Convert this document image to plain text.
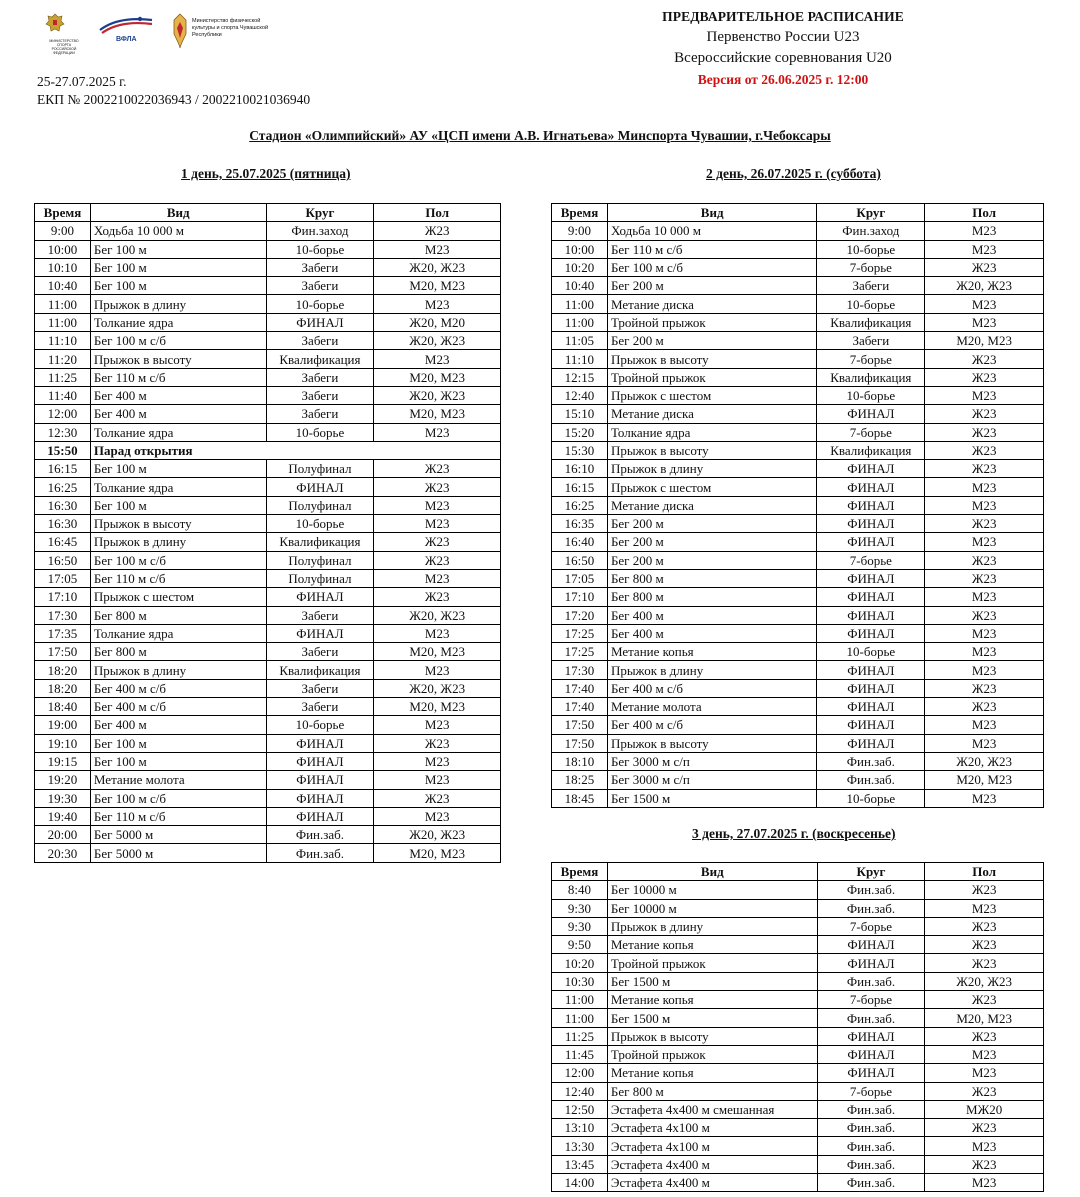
МИНИСТЕРСТВО СПОРТА РОССИЙСКОЙ ФЕДЕРАЦИИ
ВФЛА
Министерство физической культуры и спорта Чувашской Республики
ПРЕДВАРИТЕЛЬНОЕ РАСПИСАНИЕ
Первенство России U23
Всероссийские соревнования U20
Версия от 26.06.2025 г. 12:00
25-27.07.2025 г.
ЕКП № 2002210022036943 / 2002210021036940
Стадион «Олимпийский» АУ «ЦСП имени А.В. Игнатьева» Минспорта Чувашии, г.Чебоксары
1 день, 25.07.2025 (пятница)	2 день, 26.07.2025 г. (суббота)
3 день, 27.07.2025 г. (воскресенье)
Время	Вид	Круг	Пол
9:00	Ходьба 10 000 м	Фин.заход	Ж23
10:00	Бег 100 м	10-борье	М23
10:10	Бег 100 м	Забеги	Ж20, Ж23
10:40	Бег 100 м	Забеги	М20, М23
11:00	Прыжок в длину	10-борье	М23
11:00	Толкание ядра	ФИНАЛ	Ж20, М20
11:10	Бег 100 м с/б	Забеги	Ж20, Ж23
11:20	Прыжок в высоту	Квалификация	М23
11:25	Бег 110 м с/б	Забеги	М20, М23
11:40	Бег 400 м	Забеги	Ж20, Ж23
12:00	Бег 400 м	Забеги	М20, М23
12:30	Толкание ядра	10-борье	М23
15:50	Парад открытия		
16:15	Бег 100 м	Полуфинал	Ж23
16:25	Толкание ядра	ФИНАЛ	Ж23
16:30	Бег 100 м	Полуфинал	М23
16:30	Прыжок в высоту	10-борье	М23
16:45	Прыжок в длину	Квалификация	Ж23
16:50	Бег 100 м с/б	Полуфинал	Ж23
17:05	Бег 110 м с/б	Полуфинал	М23
17:10	Прыжок с шестом	ФИНАЛ	Ж23
17:30	Бег 800 м	Забеги	Ж20, Ж23
17:35	Толкание ядра	ФИНАЛ	М23
17:50	Бег 800 м	Забеги	М20, М23
18:20	Прыжок в длину	Квалификация	М23
18:20	Бег 400 м с/б	Забеги	Ж20, Ж23
18:40	Бег 400 м с/б	Забеги	М20, М23
19:00	Бег 400 м	10-борье	М23
19:10	Бег 100 м	ФИНАЛ	Ж23
19:15	Бег 100 м	ФИНАЛ	М23
19:20	Метание молота	ФИНАЛ	М23
19:30	Бег 100 м с/б	ФИНАЛ	Ж23
19:40	Бег 110 м с/б	ФИНАЛ	М23
20:00	Бег 5000 м	Фин.заб.	Ж20, Ж23
20:30	Бег 5000 м	Фин.заб.	М20, М23
Время	Вид	Круг	Пол
9:00	Ходьба 10 000 м	Фин.заход	М23
10:00	Бег 110 м с/б	10-борье	М23
10:20	Бег 100 м с/б	7-борье	Ж23
10:40	Бег 200 м	Забеги	Ж20, Ж23
11:00	Метание диска	10-борье	М23
11:00	Тройной прыжок	Квалификация	М23
11:05	Бег 200 м	Забеги	М20, М23
11:10	Прыжок в высоту	7-борье	Ж23
12:15	Тройной прыжок	Квалификация	Ж23
12:40	Прыжок с шестом	10-борье	М23
15:10	Метание диска	ФИНАЛ	Ж23
15:20	Толкание ядра	7-борье	Ж23
15:30	Прыжок в высоту	Квалификация	Ж23
16:10	Прыжок в длину	ФИНАЛ	Ж23
16:15	Прыжок с шестом	ФИНАЛ	М23
16:25	Метание диска	ФИНАЛ	М23
16:35	Бег 200 м	ФИНАЛ	Ж23
16:40	Бег 200 м	ФИНАЛ	М23
16:50	Бег 200 м	7-борье	Ж23
17:05	Бег 800 м	ФИНАЛ	Ж23
17:10	Бег 800 м	ФИНАЛ	М23
17:20	Бег 400 м	ФИНАЛ	Ж23
17:25	Бег 400 м	ФИНАЛ	М23
17:25	Метание копья	10-борье	М23
17:30	Прыжок в длину	ФИНАЛ	М23
17:40	Бег 400 м с/б	ФИНАЛ	Ж23
17:40	Метание молота	ФИНАЛ	Ж23
17:50	Бег 400 м с/б	ФИНАЛ	М23
17:50	Прыжок в высоту	ФИНАЛ	М23
18:10	Бег 3000 м с/п	Фин.заб.	Ж20, Ж23
18:25	Бег 3000 м с/п	Фин.заб.	М20, М23
18:45	Бег 1500 м	10-борье	М23
Время	Вид	Круг	Пол
8:40	Бег 10000 м	Фин.заб.	Ж23
9:30	Бег 10000 м	Фин.заб.	М23
9:30	Прыжок в длину	7-борье	Ж23
9:50	Метание копья	ФИНАЛ	Ж23
10:20	Тройной прыжок	ФИНАЛ	Ж23
10:30	Бег 1500 м	Фин.заб.	Ж20, Ж23
11:00	Метание копья	7-борье	Ж23
11:00	Бег 1500 м	Фин.заб.	М20, М23
11:25	Прыжок в высоту	ФИНАЛ	Ж23
11:45	Тройной прыжок	ФИНАЛ	М23
12:00	Метание копья	ФИНАЛ	М23
12:40	Бег 800 м	7-борье	Ж23
12:50	Эстафета 4х400 м смешанная	Фин.заб.	МЖ20
13:10	Эстафета 4х100 м	Фин.заб.	Ж23
13:30	Эстафета 4х100 м	Фин.заб.	М23
13:45	Эстафета 4х400 м	Фин.заб.	Ж23
14:00	Эстафета 4х400 м	Фин.заб.	М23
